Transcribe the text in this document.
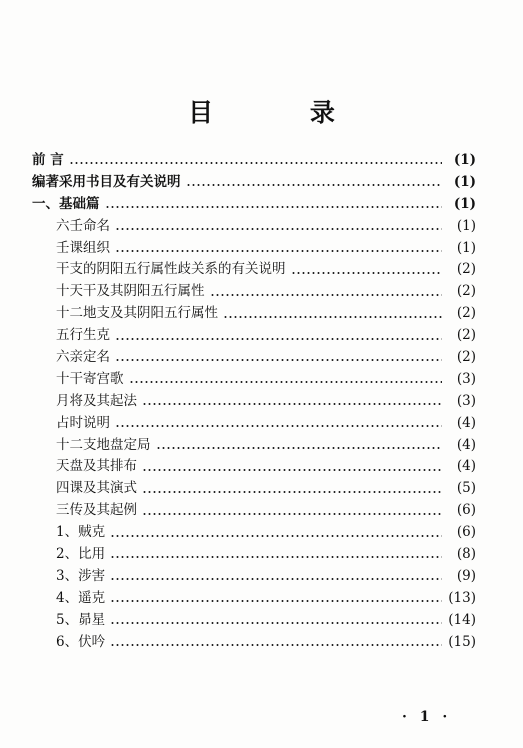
目 录
前 言	(1)
编著采用书目及有关说明	(1)
一、基础篇	(1)
六壬命名	(1)
壬课组织	(1)
干支的阴阳五行属性歧关系的有关说明	(2)
十天干及其阴阳五行属性	(2)
十二地支及其阴阳五行属性	(2)
五行生克	(2)
六亲定名	(2)
十干寄宫歌	(3)
月将及其起法	(3)
占时说明	(4)
十二支地盘定局	(4)
天盘及其排布	(4)
四课及其演式	(5)
三传及其起例	(6)
1、贼克	(6)
2、比用	(8)
3、涉害	(9)
4、遥克	(13)
5、昴星	(14)
6、伏吟	(15)
· 1 ·
